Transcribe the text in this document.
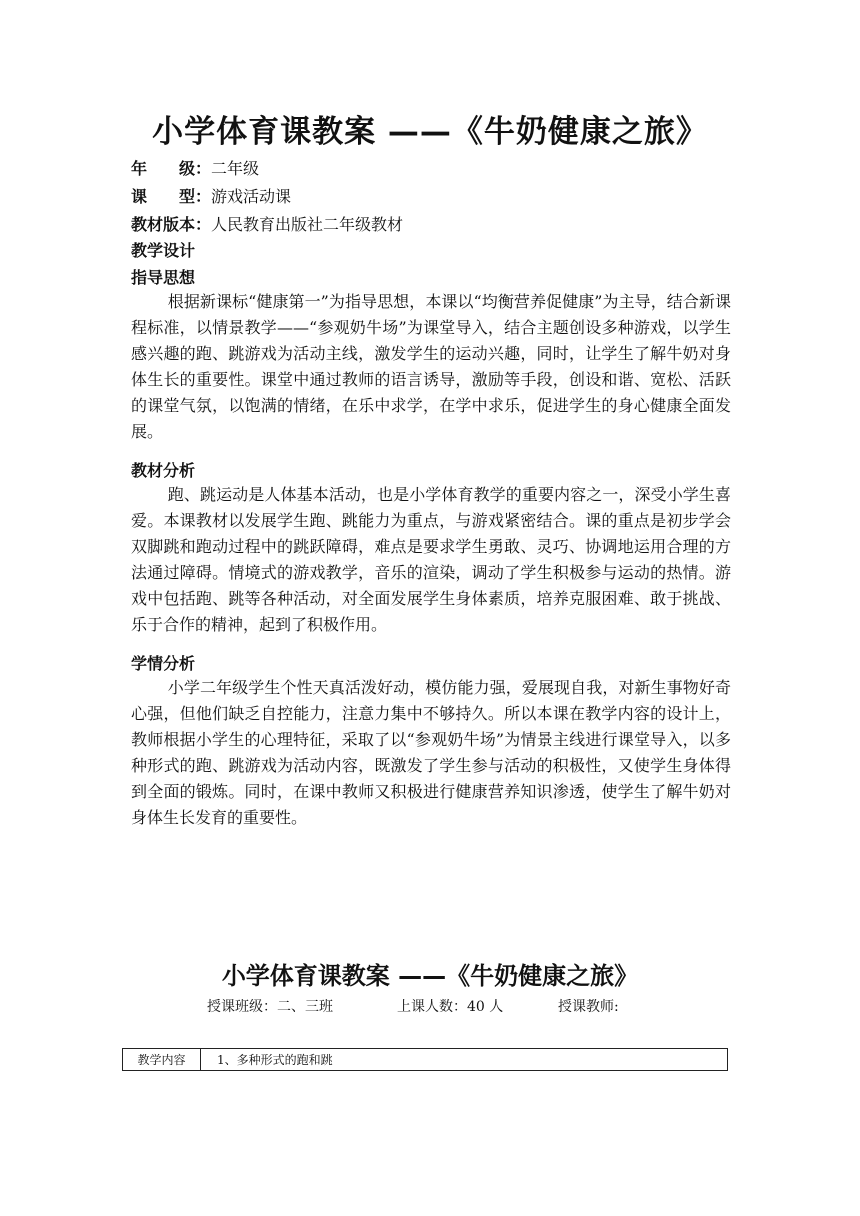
小学体育课教案 ——《牛奶健康之旅》
年　　级：二年级
课　　型：游戏活动课
教材版本：人民教育出版社二年级教材
教学设计
指导思想

根据新课标“健康第一”为指导思想，本课以“均衡营养促健康”为主导，结合新课程标准，以情景教学——“参观奶牛场”为课堂导入，结合主题创设多种游戏，以学生感兴趣的跑、跳游戏为活动主线，激发学生的运动兴趣，同时，让学生了解牛奶对身体生长的重要性。课堂中通过教师的语言诱导，激励等手段，创设和谐、宽松、活跃的课堂气氛，以饱满的情绪，在乐中求学，在学中求乐，促进学生的身心健康全面发展。

教材分析

跑、跳运动是人体基本活动，也是小学体育教学的重要内容之一，深受小学生喜爱。本课教材以发展学生跑、跳能力为重点，与游戏紧密结合。课的重点是初步学会双脚跳和跑动过程中的跳跃障碍，难点是要求学生勇敢、灵巧、协调地运用合理的方法通过障碍。情境式的游戏教学，音乐的渲染，调动了学生积极参与运动的热情。游戏中包括跑、跳等各种活动，对全面发展学生身体素质，培养克服困难、敢于挑战、乐于合作的精神，起到了积极作用。

学情分析

小学二年级学生个性天真活泼好动，模仿能力强，爱展现自我，对新生事物好奇心强，但他们缺乏自控能力，注意力集中不够持久。所以本课在教学内容的设计上，教师根据小学生的心理特征，采取了以“参观奶牛场”为情景主线进行课堂导入，以多种形式的跑、跳游戏为活动内容，既激发了学生参与活动的积极性，又使学生身体得到全面的锻炼。同时，在课中教师又积极进行健康营养知识渗透，使学生了解牛奶对身体生长发育的重要性。

小学体育课教案 ——《牛奶健康之旅》
授课班级：二、三班	上课人数：40 人	授课教师:
教学内容	1、多种形式的跑和跳
